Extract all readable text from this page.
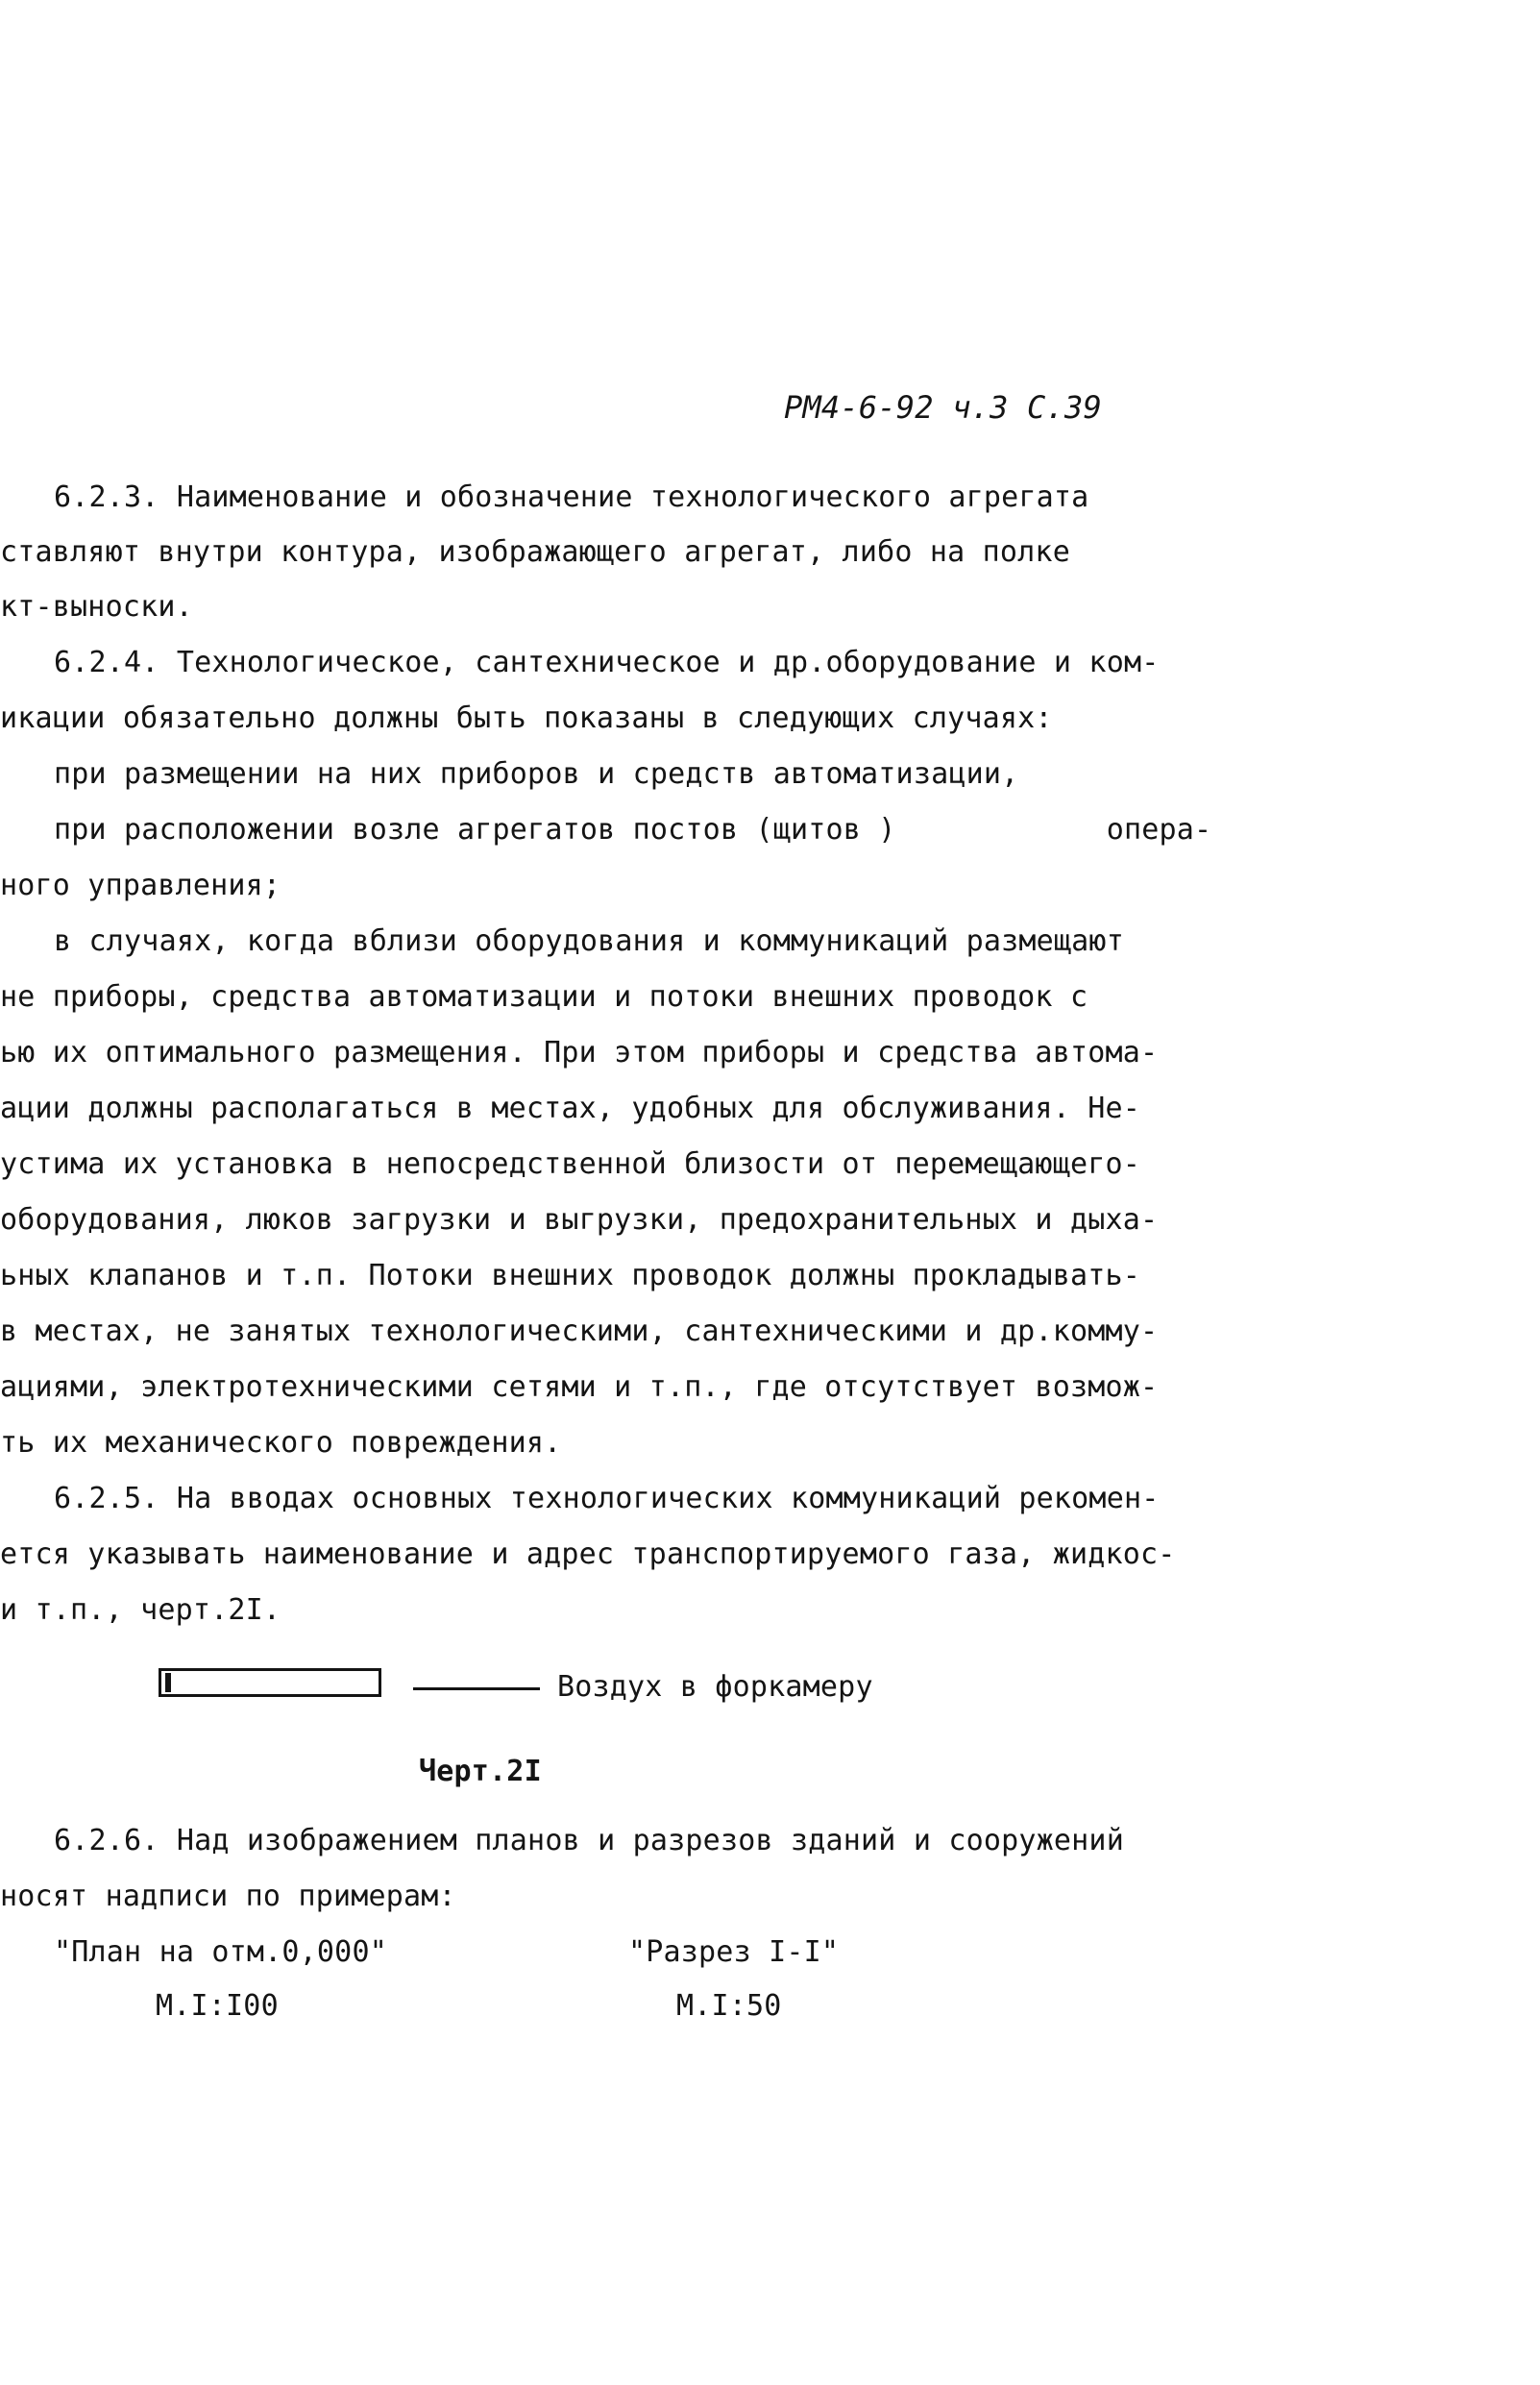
РМ4-6-92 ч.3 С.39
6.2.3. Наименование и обозначение технологического агрегата
ставляют внутри контура, изображающего агрегат, либо на полке
кт-выноски.
6.2.4. Технологическое, сантехническое и др.оборудование и ком-
икации обязательно должны быть показаны в следующих случаях:
при размещении на них приборов и средств автоматизации,
при расположении возле агрегатов постов (щитов )            опера-
ного управления;
в случаях, когда вблизи оборудования и коммуникаций размещают
не приборы, средства автоматизации и потоки внешних проводок с
ью их оптимального размещения. При этом приборы и средства автома-
ации должны располагаться в местах, удобных для обслуживания. Не-
устима их установка в непосредственной близости от перемещающего-
оборудования, люков загрузки и выгрузки, предохранительных и дыха-
ьных клапанов и т.п. Потоки внешних проводок должны прокладывать-
в местах, не занятых технологическими, сантехническими и др.комму-
ациями, электротехническими сетями и т.п., где отсутствует возмож-
ть их механического повреждения.
6.2.5. На вводах основных технологических коммуникаций рекомен-
ется указывать наименование и адрес транспортируемого газа, жидкос-
и т.п., черт.2I.
Воздух в форкамеру
Черт.2I
6.2.6. Над изображением планов и разрезов зданий и сооружений
носят надписи по примерам:
"План на отм.0,000"
М.I:I00
"Разрез I-I"
М.I:50
